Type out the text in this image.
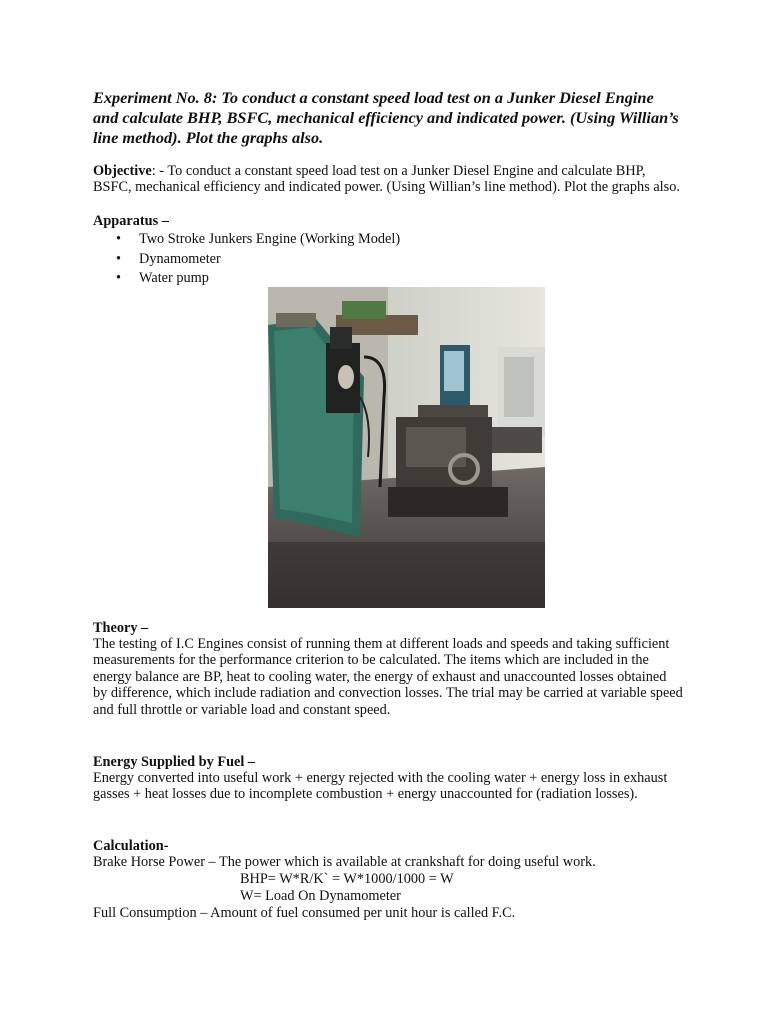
Experiment No. 8: To conduct a constant speed load test on a Junker Diesel Engine and calculate BHP, BSFC, mechanical efficiency and indicated power. (Using Willian’s line method). Plot the graphs also.
Objective: - To conduct a constant speed load test on a Junker Diesel Engine and calculate BHP, BSFC, mechanical efficiency and indicated power. (Using Willian’s line method). Plot the graphs also.
Apparatus –
• Two Stroke Junkers Engine (Working Model)
• Dynamometer
• Water pump
Theory –
The testing of I.C Engines consist of running them at different loads and speeds and taking sufficient measurements for the performance criterion to be calculated. The items which are included in the energy balance are BP, heat to cooling water, the energy of exhaust and unaccounted losses obtained by difference, which include radiation and convection losses. The trial may be carried at variable speed and full throttle or variable load and constant speed.
Energy Supplied by Fuel –
Energy converted into useful work + energy rejected with the cooling water + energy loss in exhaust gasses + heat losses due to incomplete combustion + energy unaccounted for (radiation losses).
Calculation-
Brake Horse Power – The power which is available at crankshaft for doing useful work.
BHP= W*R/K` = W*1000/1000 = W
W= Load On Dynamometer
Full Consumption – Amount of fuel consumed per unit hour is called F.C.
